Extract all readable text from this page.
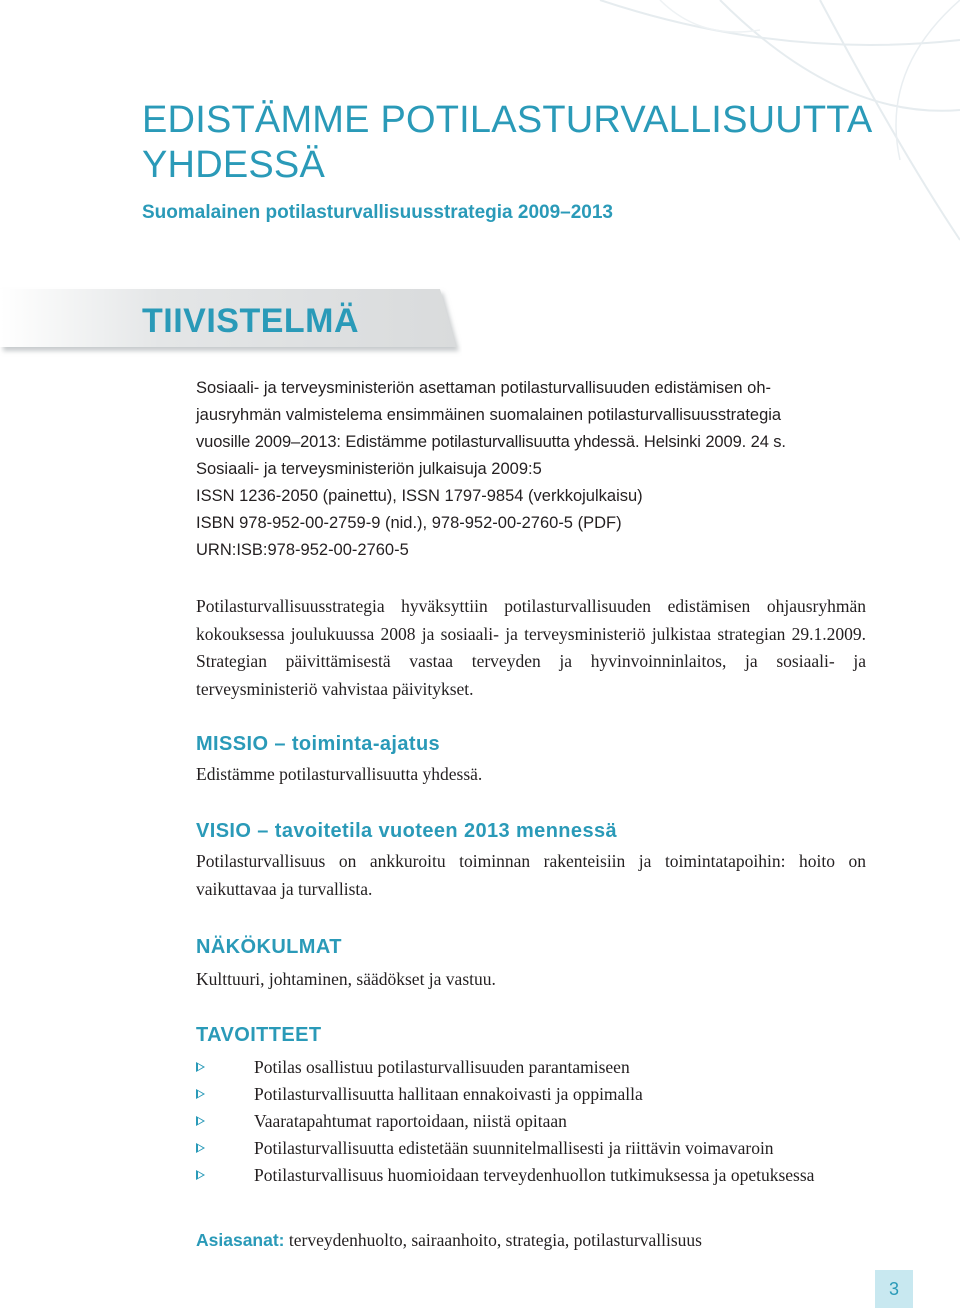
EDISTÄMME POTILASTURVALLISUUTTA
YHDESSÄ
Suomalainen potilasturvallisuusstrategia 2009–2013
TIIVISTELMÄ
Sosiaali- ja terveysministeriön asettaman potilasturvallisuuden edistämisen oh-
jausryhmän valmistelema ensimmäinen suomalainen potilasturvallisuusstrategia
vuosille 2009–2013: Edistämme potilasturvallisuutta yhdessä. Helsinki 2009. 24 s.
Sosiaali- ja terveysministeriön julkaisuja 2009:5
ISSN 1236-2050 (painettu), ISSN 1797-9854 (verkkojulkaisu)
ISBN 978-952-00-2759-9 (nid.), 978-952-00-2760-5 (PDF)
URN:ISB:978-952-00-2760-5

Potilasturvallisuusstrategia hyväksyttiin potilasturvallisuuden edistämisen ohjausryhmän kokouksessa joulukuussa 2008 ja sosiaali- ja terveysministeriö julkistaa strategian 29.1.2009. Strategian päivittämisestä vastaa terveyden ja hyvinvoinninlaitos, ja sosiaali- ja terveysministeriö vahvistaa päivitykset.

MISSIO – toiminta-ajatus

Edistämme potilasturvallisuutta yhdessä.

VISIO – tavoitetila vuoteen 2013 mennessä

Potilasturvallisuus on ankkuroitu toiminnan rakenteisiin ja toimintatapoihin: hoito on vaikuttavaa ja turvallista.

NÄKÖKULMAT

Kulttuuri, johtaminen, säädökset ja vastuu.

TAVOITTEET
Potilas osallistuu potilasturvallisuuden parantamiseen
Potilasturvallisuutta hallitaan ennakoivasti ja oppimalla
Vaaratapahtumat raportoidaan, niistä opitaan
Potilasturvallisuutta edistetään suunnitelmallisesti ja riittävin voimavaroin
Potilasturvallisuus huomioidaan terveydenhuollon tutkimuksessa ja opetuksessa

Asiasanat: terveydenhuolto, sairaanhoito, strategia, potilasturvallisuus

3
